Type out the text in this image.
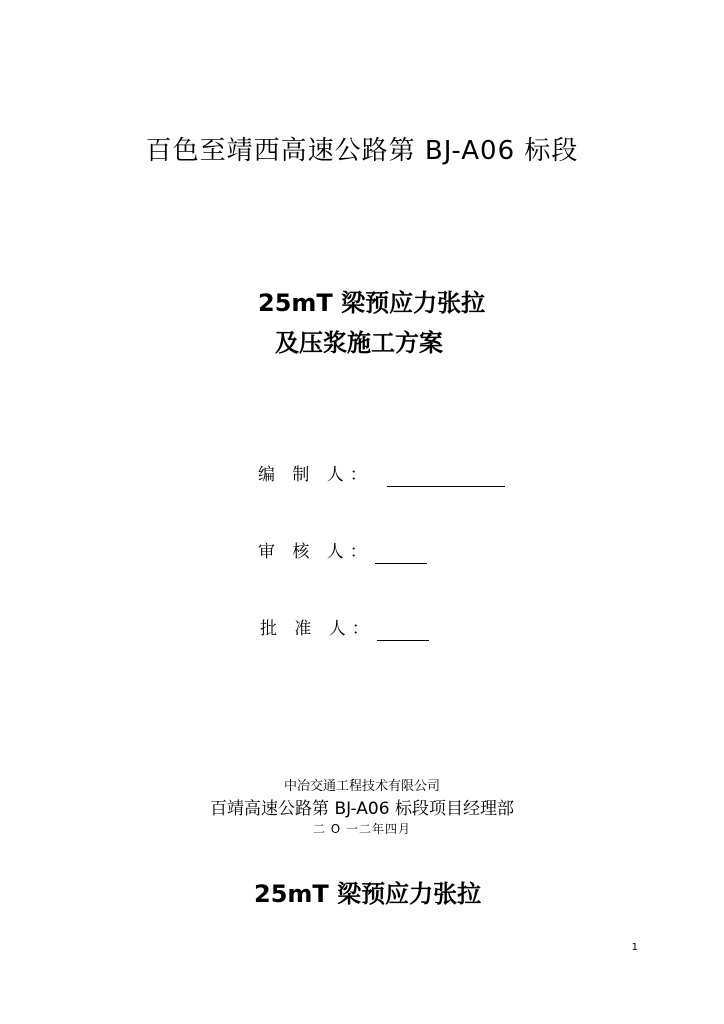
百色至靖西高速公路第 BJ-A06 标段
25mT 梁预应力张拉
及压浆施工方案
编 制 人：
审 核 人：
批 准 人：
中冶交通工程技术有限公司
百靖高速公路第 BJ-A06 标段项目经理部
二 O 一二年四月
25mT 梁预应力张拉
1
